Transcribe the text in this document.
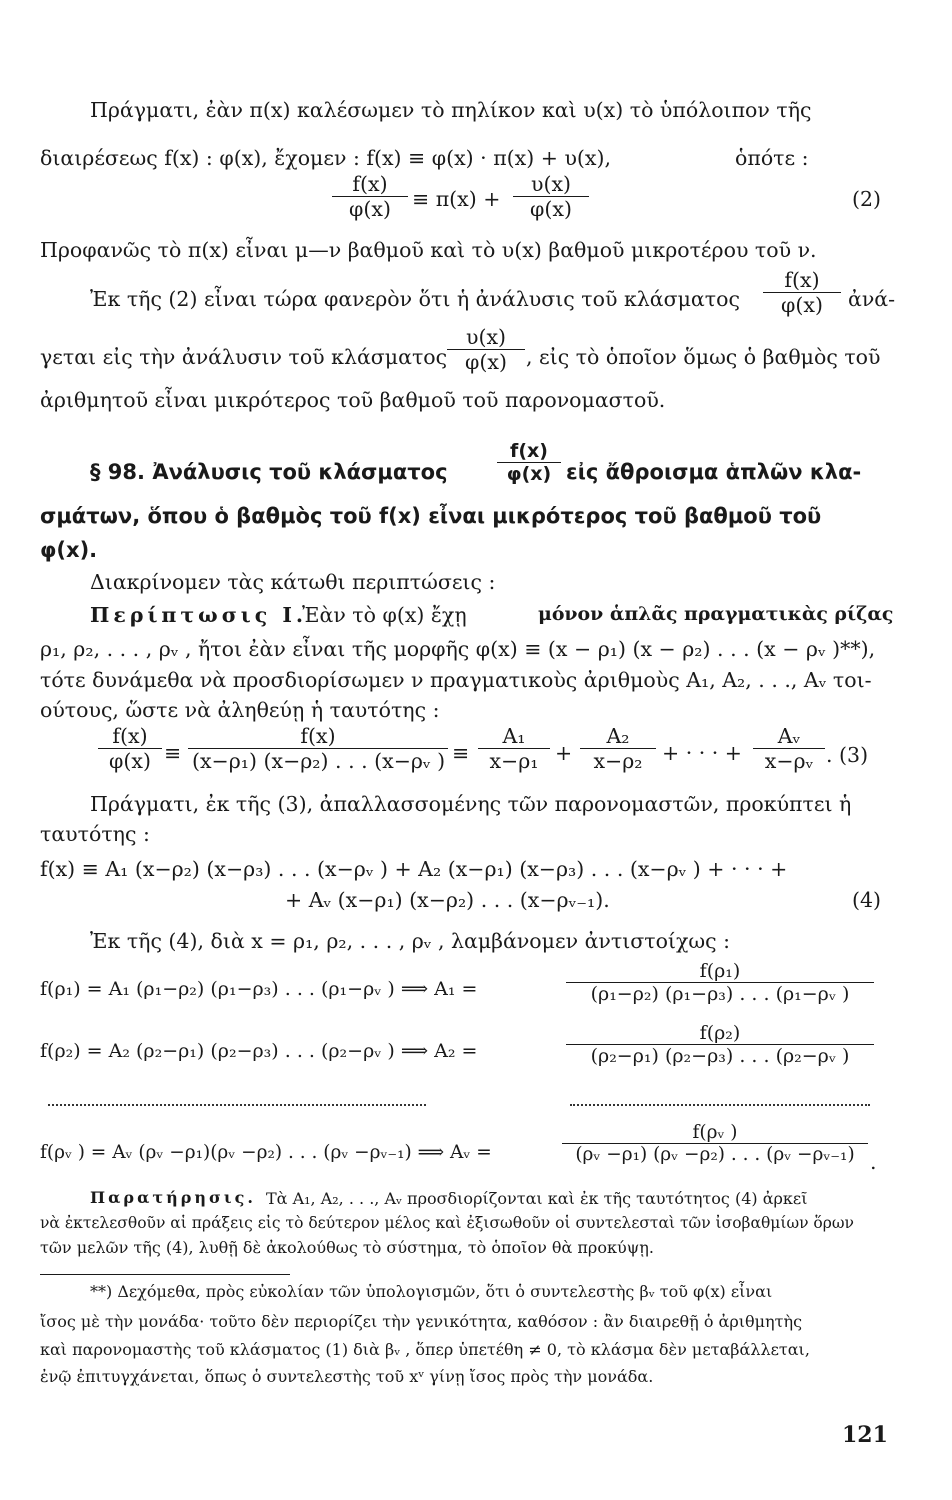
Πράγματι, ἐὰν π(x) καλέσωμεν τὸ πηλίκον καὶ υ(x) τὸ ὑπόλοιπον τῆς
διαιρέσεως f(x) : φ(x), ἔχομεν : f(x) ≡ φ(x) · π(x) + υ(x),	ὁπότε :
$\frac{f(x)}{\varphi(x)} \equiv \pi(x) + \frac{\upsilon(x)}{\varphi(x)}$	(2)
Προφανῶς τὸ π(x) εἶναι μ—ν βαθμοῦ καὶ τὸ υ(x) βαθμοῦ μικροτέρου τοῦ ν.
Ἐκ τῆς (2) εἶναι τώρα φανερὸν ὅτι ἡ ἀνάλυσις τοῦ κλάσματος $\frac{f(x)}{\varphi(x)}$ ἀνά-
γεται εἰς τὴν ἀνάλυσιν τοῦ κλάσματος $\frac{\upsilon(x)}{\varphi(x)}$ , εἰς τὸ ὁποῖον ὅμως ὁ βαθμὸς τοῦ
ἀριθμητοῦ εἶναι μικρότερος τοῦ βαθμοῦ τοῦ παρονομαστοῦ.
§ 98. Ἀνάλυσις τοῦ κλάσματος	$\frac{f(x)}{\varphi(x)}$ εἰς ἄθροισμα ἁπλῶν κλα-
σμάτων, ὅπου ὁ βαθμὸς τοῦ f(x) εἶναι μικρότερος τοῦ βαθμοῦ τοῦ
φ(x).
Διακρίνομεν τὰς κάτωθι περιπτώσεις :
Περίπτωσις I.
Ἐὰν τὸ φ(x) ἔχῃ	μόνον ἁπλᾶς πραγματικὰς ρίζας
ρ₁, ρ₂, . . . , ρᵥ , ἤτοι ἐὰν εἶναι τῆς μορφῆς φ(x) ≡ (x − ρ₁) (x − ρ₂) . . . (x − ρᵥ )**),
τότε δυνάμεθα νὰ προσδιορίσωμεν ν πραγματικοὺς ἀριθμοὺς A₁, A₂, . . ., Aᵥ τοι-
ούτους, ὥστε νὰ ἀληθεύῃ ἡ ταυτότης :
$\frac{f(x)}{\varphi(x)} \equiv \frac{f(x)}{\text{(x−ρ₁) (x−ρ₂) . . . (x−ρᵥ )}} \equiv \frac{\text{A₁}}{\text{x−ρ₁}} + \frac{\text{A₂}}{\text{x−ρ₂}}$ + · · · + $\frac{\text{Aᵥ}}{\text{x−ρᵥ}}$ . (3)
Πράγματι, ἐκ τῆς (3), ἀπαλλασσομένης τῶν παρονομαστῶν, προκύπτει ἡ
ταυτότης :
f(x) ≡ A₁ (x−ρ₂) (x−ρ₃) . . . (x−ρᵥ ) + A₂ (x−ρ₁) (x−ρ₃) . . . (x−ρᵥ ) + · · · +
+ Aᵥ (x−ρ₁) (x−ρ₂) . . . (x−ρᵥ₋₁).	(4)
Ἐκ τῆς (4), διὰ x = ρ₁, ρ₂, . . . , ρᵥ , λαμβάνομεν ἀντιστοίχως :
f(ρ₁) = A₁ (ρ₁−ρ₂) (ρ₁−ρ₃) . . . (ρ₁−ρᵥ ) ⟹ A₁ =	$\frac{\text{f(ρ₁)}}{\text{(ρ₁−ρ₂) (ρ₁−ρ₃) . . . (ρ₁−ρᵥ )}}$
f(ρ₂) = A₂ (ρ₂−ρ₁) (ρ₂−ρ₃) . . . (ρ₂−ρᵥ ) ⟹ A₂ =	$\frac{\text{f(ρ₂)}}{\text{(ρ₂−ρ₁) (ρ₂−ρ₃) . . . (ρ₂−ρᵥ )}}$
f(ρᵥ ) = Aᵥ (ρᵥ −ρ₁)(ρᵥ −ρ₂) . . . (ρᵥ −ρᵥ₋₁) ⟹ Aᵥ =	$\frac{\text{f(ρᵥ )}}{\text{(ρᵥ −ρ₁) (ρᵥ −ρ₂) . . . (ρᵥ −ρᵥ₋₁)}}$ .
Παρατήρησις. Τὰ A₁, A₂, . . ., Aᵥ προσδιορίζονται καὶ ἐκ τῆς ταυτότητος (4) ἀρκεῖ
νὰ ἐκτελεσθοῦν αἱ πράξεις εἰς τὸ δεύτερον μέλος καὶ ἐξισωθοῦν οἱ συντελεσταὶ τῶν ἰσοβαθμίων ὅρων
τῶν μελῶν τῆς (4), λυθῇ δὲ ἀκολούθως τὸ σύστημα, τὸ ὁποῖον θὰ προκύψῃ.
**) Δεχόμεθα, πρὸς εὐκολίαν τῶν ὑπολογισμῶν, ὅτι ὁ συντελεστὴς βᵥ τοῦ φ(x) εἶναι
ἴσος μὲ τὴν μονάδα· τοῦτο δὲν περιορίζει τὴν γενικότητα, καθόσον : ἂν διαιρεθῇ ὁ ἀριθμητὴς
καὶ παρονομαστὴς τοῦ κλάσματος (1) διὰ βᵥ , ὅπερ ὑπετέθη ≠ 0, τὸ κλάσμα δὲν μεταβάλλεται,
ἐνῷ ἐπιτυγχάνεται, ὅπως ὁ συντελεστὴς τοῦ xᵛ γίνῃ ἴσος πρὸς τὴν μονάδα.
121
